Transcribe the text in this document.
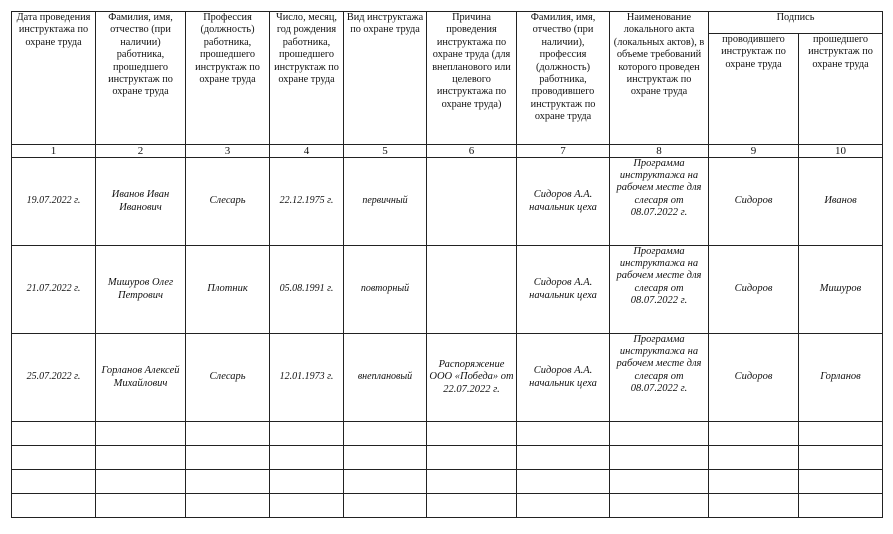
Дата проведения инструктажа по охране труда	Фамилия, имя, отчество (при наличии) работника, прошедшего инструктаж по охране труда	Профессия (должность) работника, прошедшего инструктаж по охране труда	Число, месяц, год рождения работника, прошедшего инструктаж по охране труда	Вид инструктажа по охране труда	Причина проведения инструктажа по охране труда (для внепланового или целевого инструктажа по охране труда)	Фамилия, имя, отчество (при наличии), профессия (должность) работника, проводившего инструктаж по охране труда	Наименование локального акта (локальных актов), в объеме требований которого проведен инструктаж по охране труда	Подпись	
								проводившего инструктаж по охране труда	прошедшего инструктаж по охране труда
1	2	3	4	5	6	7	8	9	10
19.07.2022 г.	Иванов Иван Иванович	Слесарь	22.12.1975 г.	первичный		Сидоров А.А. начальник цеха	Программа инструктажа на рабочем месте для слесаря от 08.07.2022 г.	Сидоров	Иванов
21.07.2022 г.	Мишуров Олег Петрович	Плотник	05.08.1991 г.	повторный		Сидоров А.А. начальник цеха	Программа инструктажа на рабочем месте для слесаря от 08.07.2022 г.	Сидоров	Мишуров
25.07.2022 г.	Горланов Алексей Михайлович	Слесарь	12.01.1973 г.	внеплановый	Распоряжение ООО «Победа» от 22.07.2022 г.	Сидоров А.А. начальник цеха	Программа инструктажа на рабочем месте для слесаря от 08.07.2022 г.	Сидоров	Горланов
